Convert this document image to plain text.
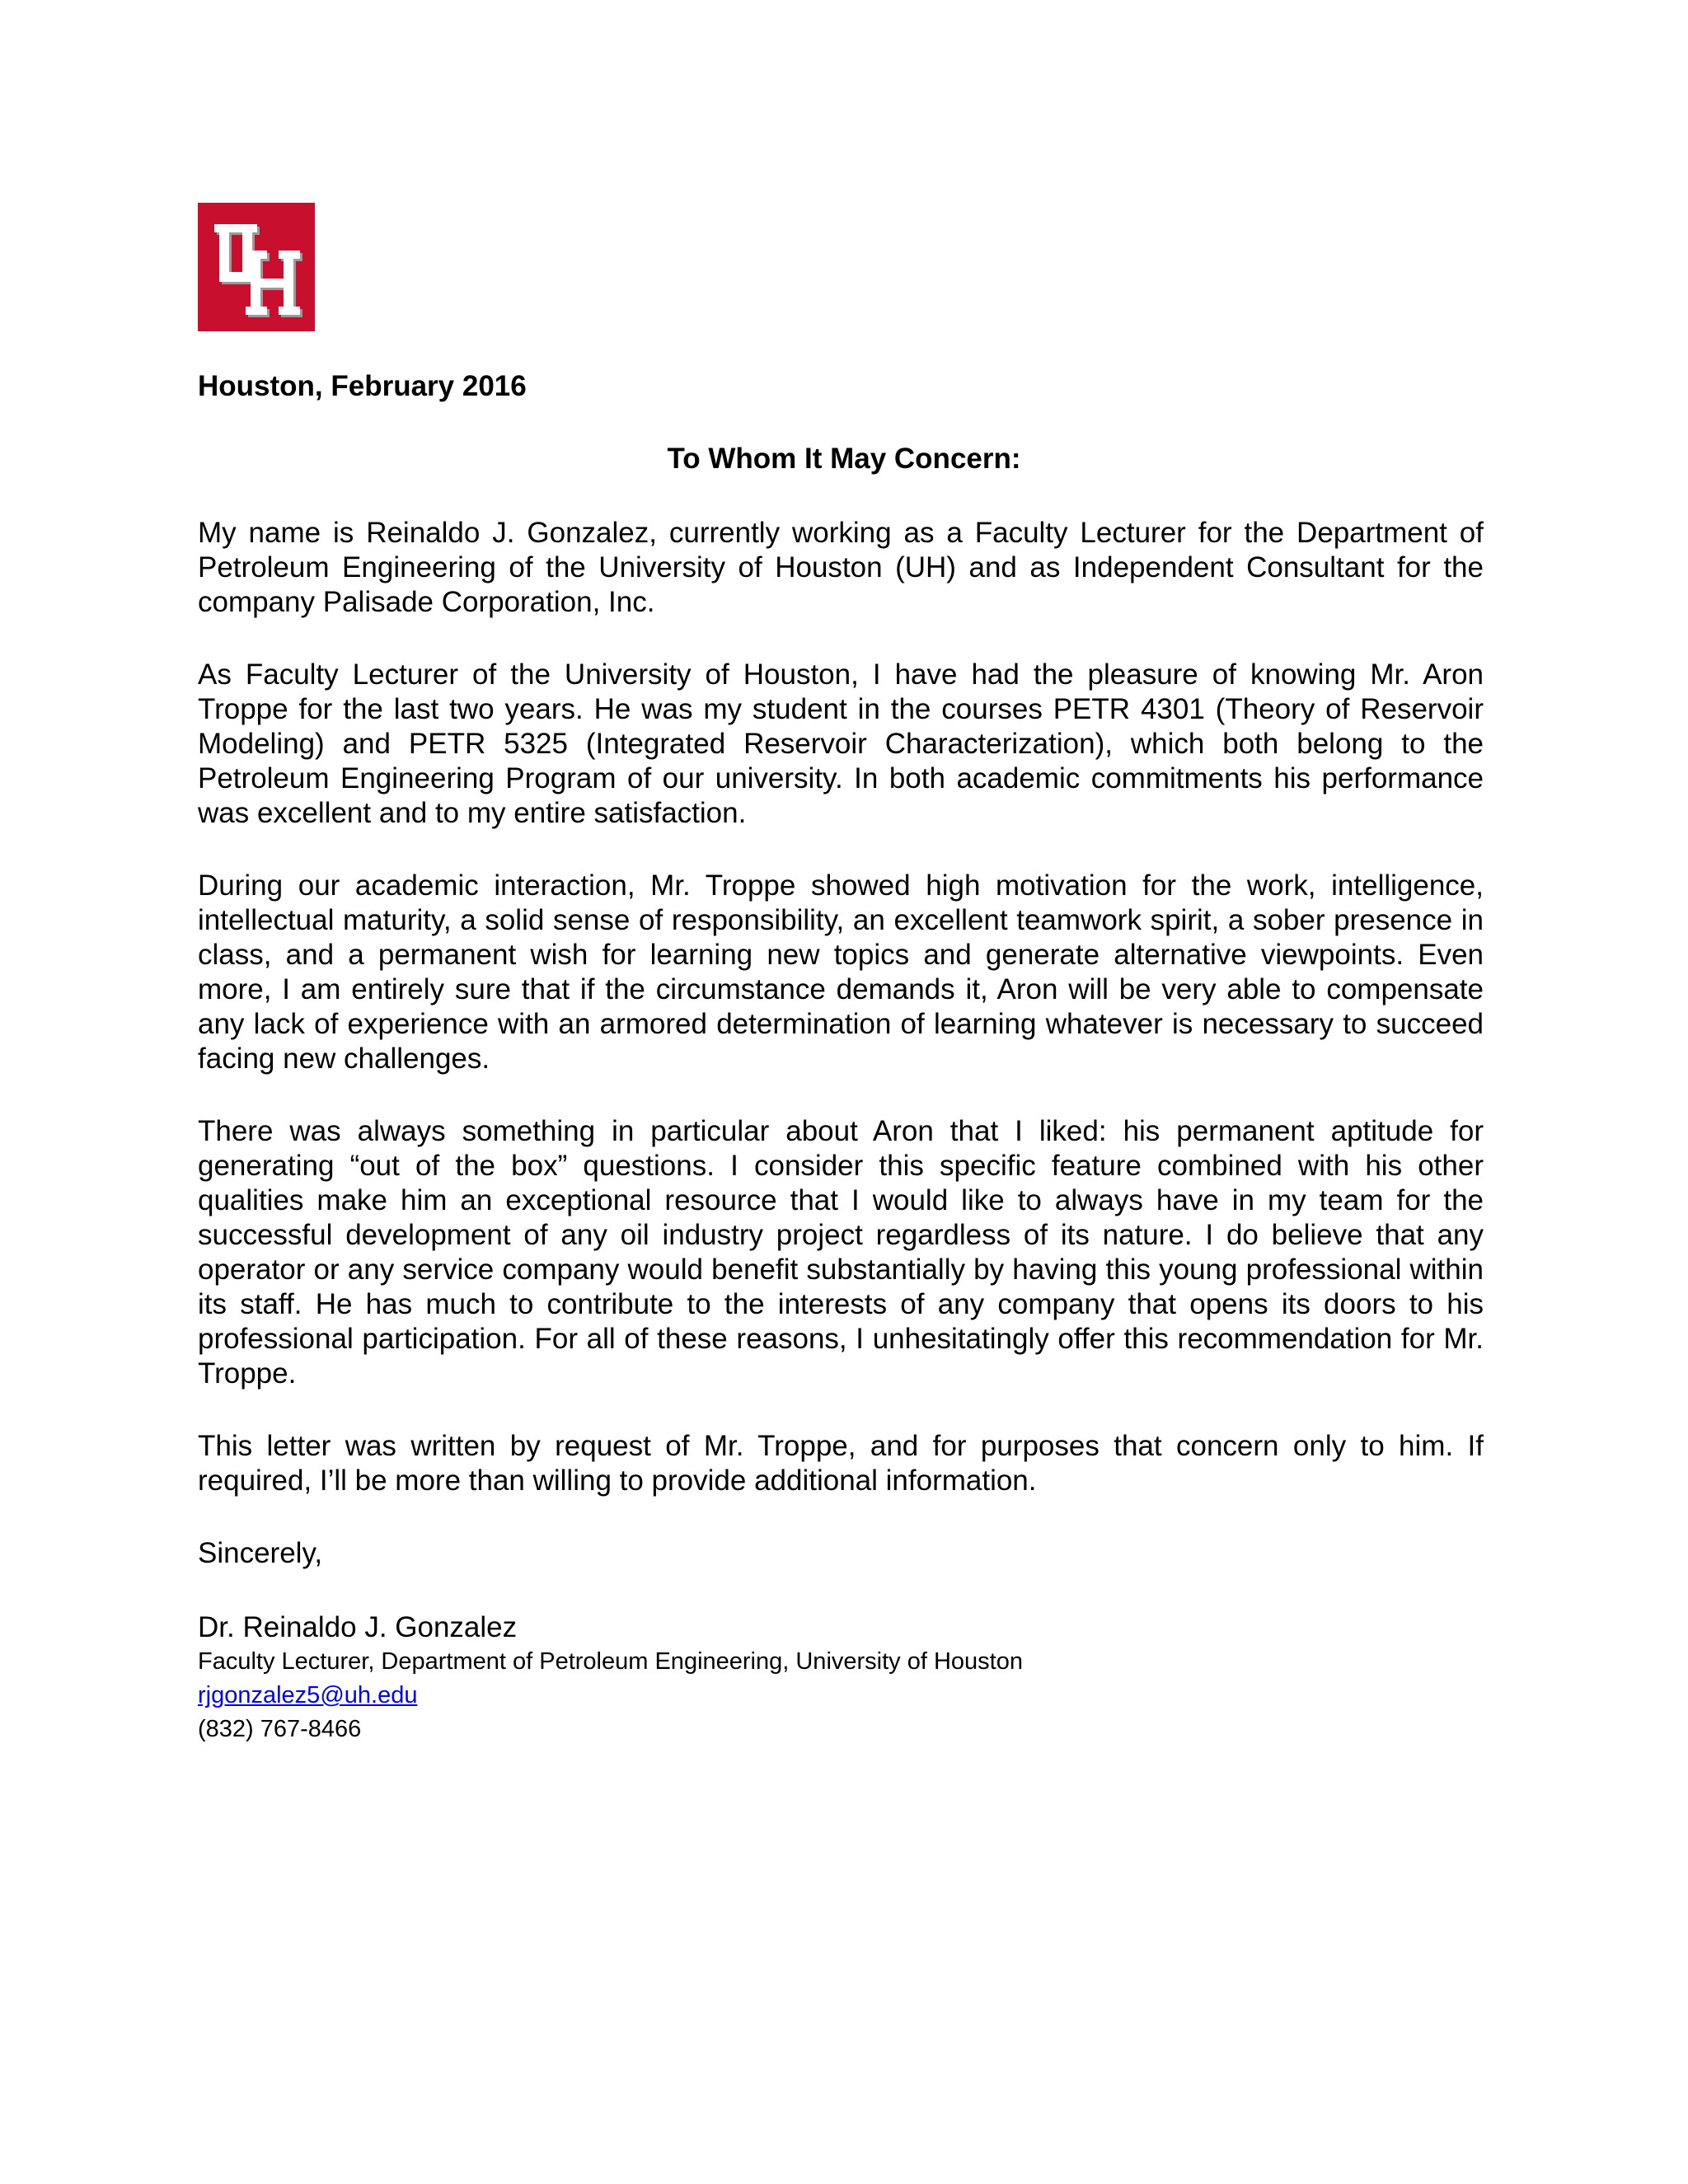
Houston, February 2016
To Whom It May Concern:

My name is Reinaldo J. Gonzalez, currently working as a Faculty Lecturer for the Department of Petroleum Engineering of the University of Houston (UH) and as Independent Consultant for the company Palisade Corporation, Inc.

As Faculty Lecturer of the University of Houston, I have had the pleasure of knowing Mr. Aron Troppe for the last two years. He was my student in the courses PETR 4301 (Theory of Reservoir Modeling) and PETR 5325 (Integrated Reservoir Characterization), which both belong to the Petroleum Engineering Program of our university. In both academic commitments his performance was excellent and to my entire satisfaction.

During our academic interaction, Mr. Troppe showed high motivation for the work, intelligence, intellectual maturity, a solid sense of responsibility, an excellent teamwork spirit, a sober presence in class, and a permanent wish for learning new topics and generate alternative viewpoints. Even more, I am entirely sure that if the circumstance demands it, Aron will be very able to compensate any lack of experience with an armored determination of learning whatever is necessary to succeed facing new challenges.

There was always something in particular about Aron that I liked: his permanent aptitude for generating “out of the box” questions. I consider this specific feature combined with his other qualities make him an exceptional resource that I would like to always have in my team for the successful development of any oil industry project regardless of its nature. I do believe that any operator or any service company would benefit substantially by having this young professional within its staff. He has much to contribute to the interests of any company that opens its doors to his professional participation. For all of these reasons, I unhesitatingly offer this recommendation for Mr. Troppe.

This letter was written by request of Mr. Troppe, and for purposes that concern only to him. If required, I’ll be more than willing to provide additional information.

Sincerely,
Dr. Reinaldo J. Gonzalez
Faculty Lecturer, Department of Petroleum Engineering, University of Houston
rjgonzalez5@uh.edu
(832) 767-8466
